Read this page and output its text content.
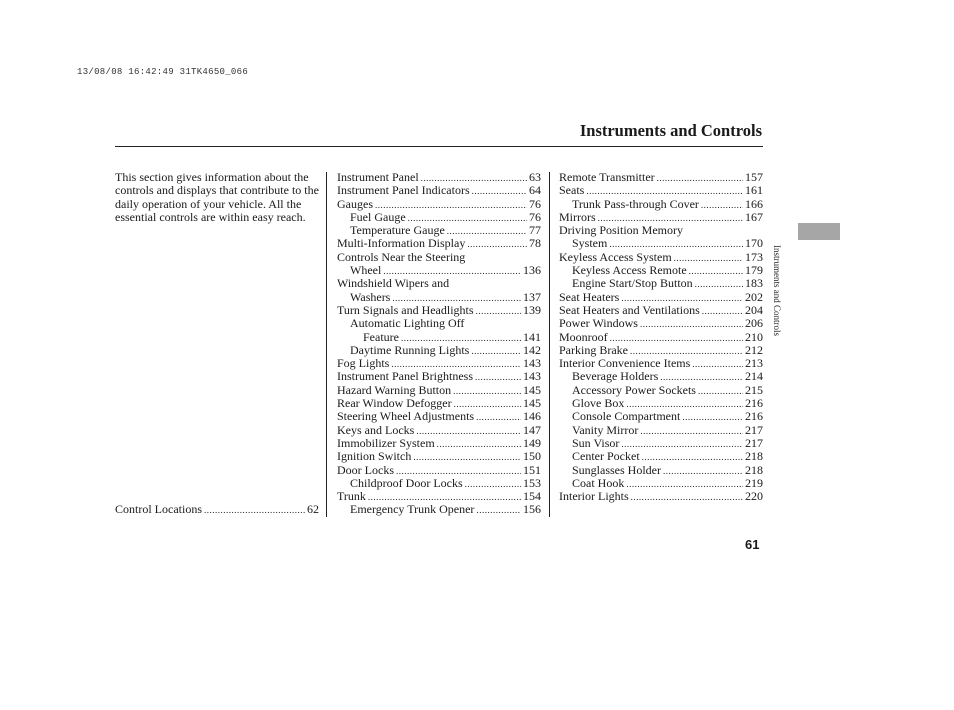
13/08/08 16:42:49 31TK4650_066
Instruments and Controls
This section gives information about the controls and displays that contribute to the daily operation of your vehicle. All the essential controls are within easy reach.
Control Locations .....	62
Instrument Panel .....	63
Instrument Panel Indicators .....	64
Gauges .....	76
Fuel Gauge .....	76
Temperature Gauge .....	77
Multi-Information Display .....	78
Controls Near the Steering
Wheel .....	136
Windshield Wipers and
Washers .....	137
Turn Signals and Headlights .....	139
Automatic Lighting Off
Feature .....	141
Daytime Running Lights .....	142
Fog Lights .....	143
Instrument Panel Brightness .....	143
Hazard Warning Button .....	145
Rear Window Defogger .....	145
Steering Wheel Adjustments .....	146
Keys and Locks .....	147
Immobilizer System .....	149
Ignition Switch .....	150
Door Locks .....	151
Childproof Door Locks .....	153
Trunk .....	154
Emergency Trunk Opener .....	156
Remote Transmitter .....	157
Seats .....	161
Trunk Pass-through Cover .....	166
Mirrors .....	167
Driving Position Memory
System .....	170
Keyless Access System .....	173
Keyless Access Remote .....	179
Engine Start/Stop Button .....	183
Seat Heaters .....	202
Seat Heaters and Ventilations .....	204
Power Windows .....	206
Moonroof .....	210
Parking Brake .....	212
Interior Convenience Items .....	213
Beverage Holders .....	214
Accessory Power Sockets .....	215
Glove Box .....	216
Console Compartment .....	216
Vanity Mirror .....	217
Sun Visor .....	217
Center Pocket .....	218
Sunglasses Holder .....	218
Coat Hook .....	219
Interior Lights .....	220
Instruments and Controls
61
